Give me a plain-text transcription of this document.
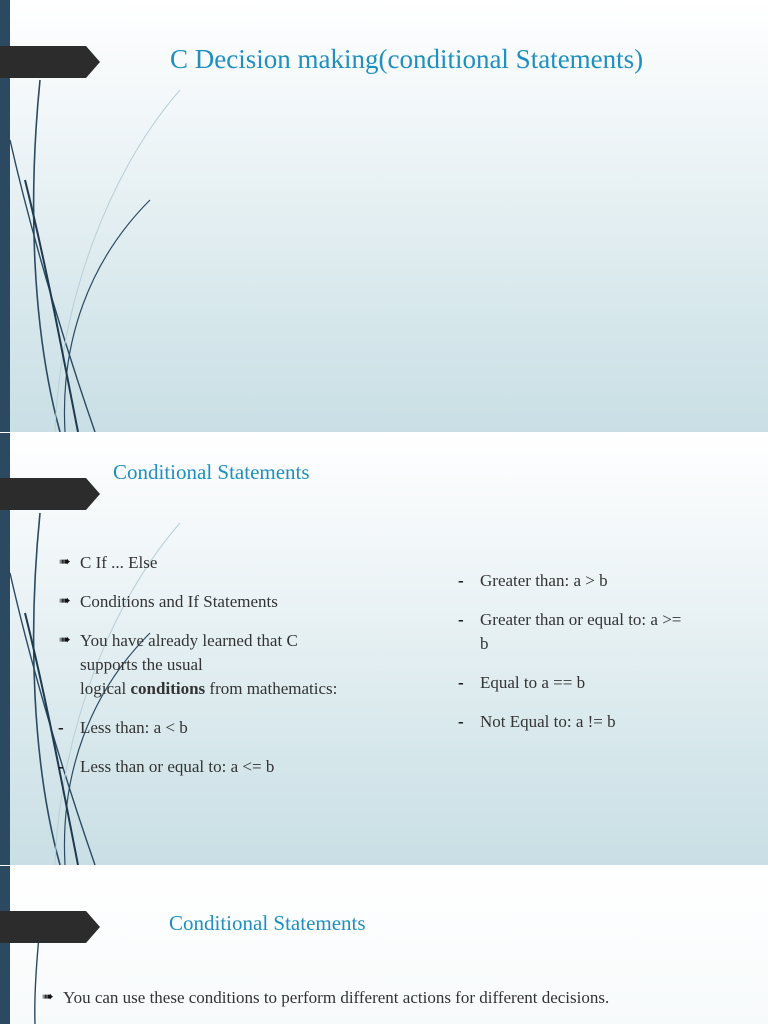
C Decision making(conditional Statements)
Conditional Statements
➠ C If ... Else
➠ Conditions and If Statements
➠ You have already learned that C
supports the usual
logical conditions from mathematics:
- Less than: a < b
- Less than or equal to: a <= b
- Greater than: a > b
- Greater than or equal to: a >=
b
- Equal to a == b
- Not Equal to: a != b
Conditional Statements
➠ You can use these conditions to perform different actions for different decisions.
